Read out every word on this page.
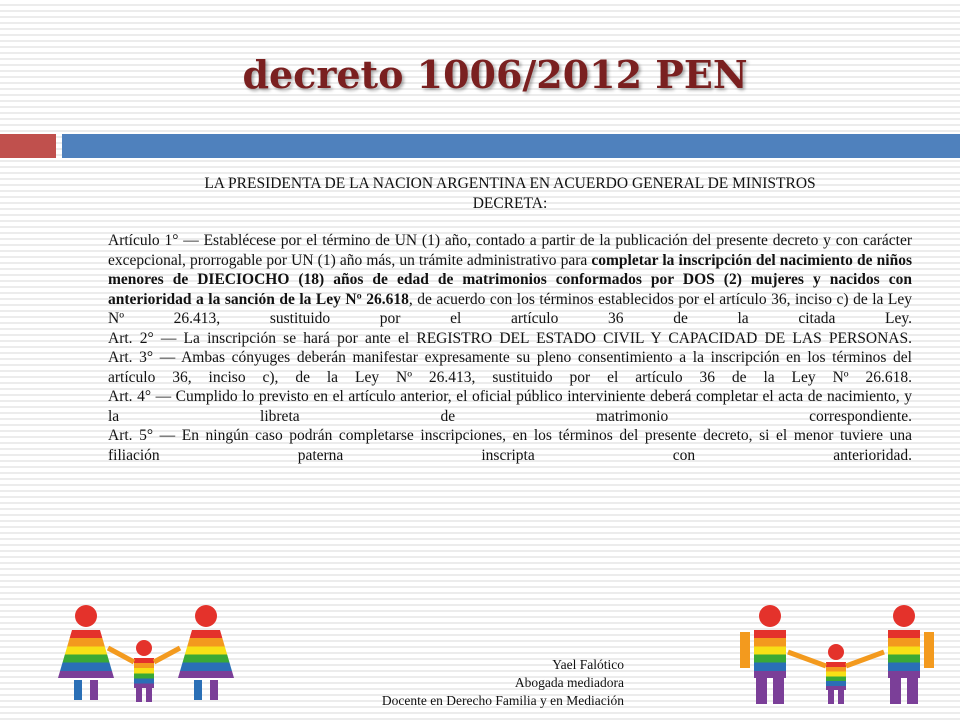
decreto 1006/2012 PEN

LA PRESIDENTA DE LA NACION ARGENTINA EN ACUERDO GENERAL DE MINISTROS

DECRETA:

Artículo 1° — Establécese por el término de UN (1) año, contado a partir de la publicación del presente decreto y con carácter excepcional, prorrogable por UN (1) año más, un trámite administrativo para completar la inscripción del nacimiento de niños menores de DIECIOCHO (18) años de edad de matrimonios conformados por DOS (2) mujeres y nacidos con anterioridad a la sanción de la Ley Nº 26.618, de acuerdo con los términos establecidos por el artículo 36, inciso c) de la Ley Nº 26.413, sustituido por el artículo 36 de la citada Ley.

Art. 2° — La inscripción se hará por ante el REGISTRO DEL ESTADO CIVIL Y CAPACIDAD DE LAS PERSONAS.

Art. 3° — Ambas cónyuges deberán manifestar expresamente su pleno consentimiento a la inscripción en los términos del artículo 36, inciso c), de la Ley Nº 26.413, sustituido por el artículo 36 de la Ley Nº 26.618.

Art. 4° — Cumplido lo previsto en el artículo anterior, el oficial público interviniente deberá completar el acta de nacimiento, y la libreta de matrimonio correspondiente.

Art. 5° — En ningún caso podrán completarse inscripciones, en los términos del presente decreto, si el menor tuviere una filiación paterna inscripta con anterioridad.

Yael Falótico
Abogada mediadora
Docente en Derecho Familia y en Mediación
